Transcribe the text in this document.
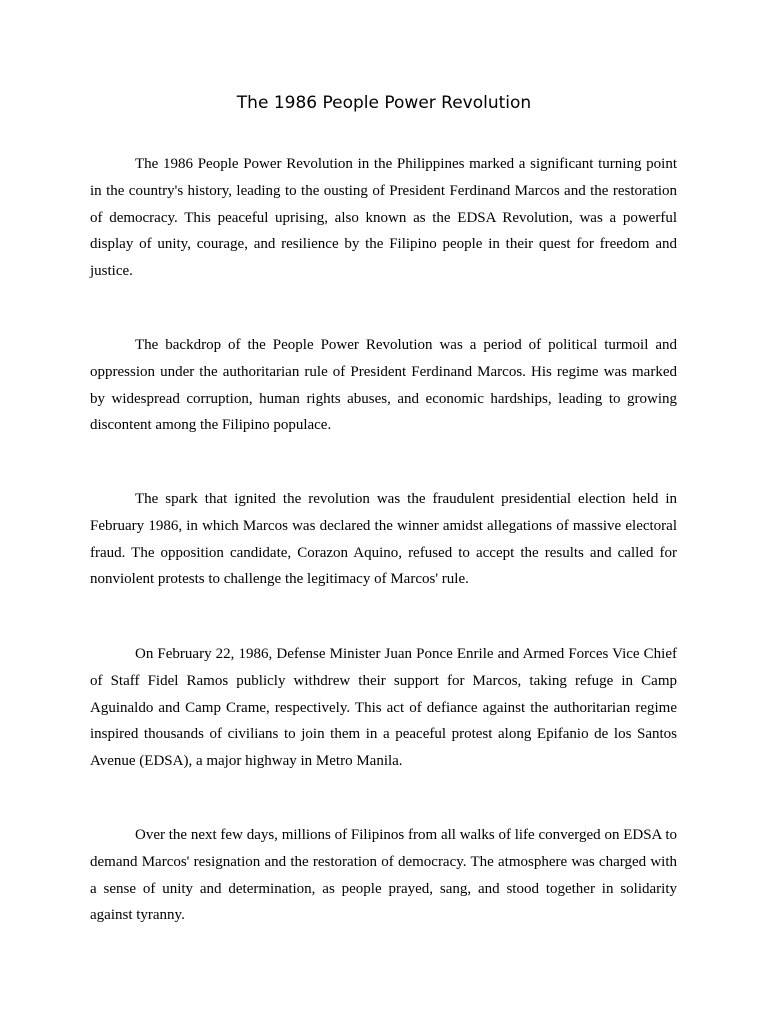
The 1986 People Power Revolution

The 1986 People Power Revolution in the Philippines marked a significant turning point in the country's history, leading to the ousting of President Ferdinand Marcos and the restoration of democracy. This peaceful uprising, also known as the EDSA Revolution, was a powerful display of unity, courage, and resilience by the Filipino people in their quest for freedom and justice.

The backdrop of the People Power Revolution was a period of political turmoil and oppression under the authoritarian rule of President Ferdinand Marcos. His regime was marked by widespread corruption, human rights abuses, and economic hardships, leading to growing discontent among the Filipino populace.

The spark that ignited the revolution was the fraudulent presidential election held in February 1986, in which Marcos was declared the winner amidst allegations of massive electoral fraud. The opposition candidate, Corazon Aquino, refused to accept the results and called for nonviolent protests to challenge the legitimacy of Marcos' rule.

On February 22, 1986, Defense Minister Juan Ponce Enrile and Armed Forces Vice Chief of Staff Fidel Ramos publicly withdrew their support for Marcos, taking refuge in Camp Aguinaldo and Camp Crame, respectively. This act of defiance against the authoritarian regime inspired thousands of civilians to join them in a peaceful protest along Epifanio de los Santos Avenue (EDSA), a major highway in Metro Manila.

Over the next few days, millions of Filipinos from all walks of life converged on EDSA to demand Marcos' resignation and the restoration of democracy. The atmosphere was charged with a sense of unity and determination, as people prayed, sang, and stood together in solidarity against tyranny.
